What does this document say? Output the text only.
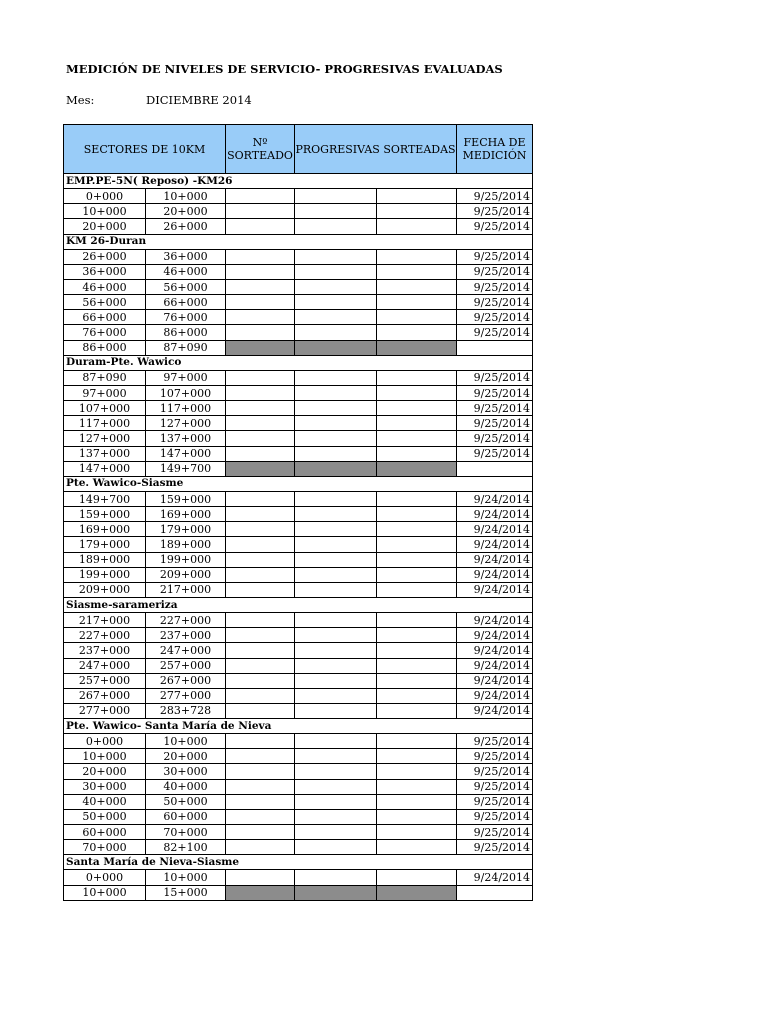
MEDICIÓN DE NIVELES DE SERVICIO- PROGRESIVAS EVALUADAS
Mes:	DICIEMBRE 2014
SECTORES DE 10KM		Nº SORTEADO	PROGRESIVAS SORTEADAS		FECHA DE MEDICIÓN
EMP.PE-5N( Reposo) -KM26					
0+000	10+000				9/25/2014
10+000	20+000				9/25/2014
20+000	26+000				9/25/2014
KM 26-Duran					
26+000	36+000				9/25/2014
36+000	46+000				9/25/2014
46+000	56+000				9/25/2014
56+000	66+000				9/25/2014
66+000	76+000				9/25/2014
76+000	86+000				9/25/2014
86+000	87+090				
Duram-Pte. Wawico					
87+090	97+000				9/25/2014
97+000	107+000				9/25/2014
107+000	117+000				9/25/2014
117+000	127+000				9/25/2014
127+000	137+000				9/25/2014
137+000	147+000				9/25/2014
147+000	149+700				
Pte. Wawico-Siasme					
149+700	159+000				9/24/2014
159+000	169+000				9/24/2014
169+000	179+000				9/24/2014
179+000	189+000				9/24/2014
189+000	199+000				9/24/2014
199+000	209+000				9/24/2014
209+000	217+000				9/24/2014
Siasme-sarameriza					
217+000	227+000				9/24/2014
227+000	237+000				9/24/2014
237+000	247+000				9/24/2014
247+000	257+000				9/24/2014
257+000	267+000				9/24/2014
267+000	277+000				9/24/2014
277+000	283+728				9/24/2014
Pte. Wawico- Santa María de Nieva					
0+000	10+000				9/25/2014
10+000	20+000				9/25/2014
20+000	30+000				9/25/2014
30+000	40+000				9/25/2014
40+000	50+000				9/25/2014
50+000	60+000				9/25/2014
60+000	70+000				9/25/2014
70+000	82+100				9/25/2014
Santa María de Nieva-Siasme					
0+000	10+000				9/24/2014
10+000	15+000				
